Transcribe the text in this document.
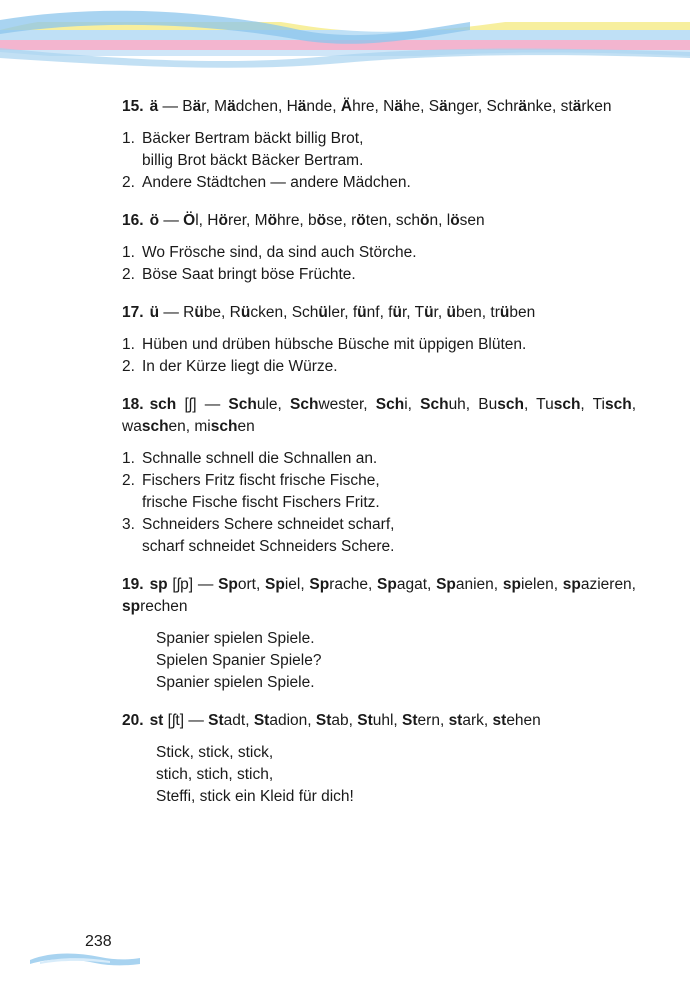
15. ä — Bär, Mädchen, Hände, Ähre, Nähe, Sänger, Schränke, stärken
1. Bäcker Bertram bäckt billig Brot,
billig Brot bäckt Bäcker Bertram.
2. Andere Städtchen — andere Mädchen.
16. ö — Öl, Hörer, Möhre, böse, röten, schön, lösen
1. Wo Frösche sind, da sind auch Störche.
2. Böse Saat bringt böse Früchte.
17. ü — Rübe, Rücken, Schüler, fünf, für, Tür, üben, trüben
1. Hüben und drüben hübsche Büsche mit üppigen Blüten.
2. In der Kürze liegt die Würze.
18. sch [ʃ] — Schule, Schwester, Schi, Schuh, Busch, Tusch, Tisch, waschen, mischen
1. Schnalle schnell die Schnallen an.
2. Fischers Fritz fischt frische Fische,
frische Fische fischt Fischers Fritz.
3. Schneiders Schere schneidet scharf,
scharf schneidet Schneiders Schere.
19. sp [ʃp] — Sport, Spiel, Sprache, Spagat, Spanien, spielen, spazieren, sprechen
Spanier spielen Spiele.
Spielen Spanier Spiele?
Spanier spielen Spiele.
20. st [ʃt] — Stadt, Stadion, Stab, Stuhl, Stern, stark, stehen
Stick, stick, stick,
stich, stich, stich,
Steffi, stick ein Kleid für dich!
238
